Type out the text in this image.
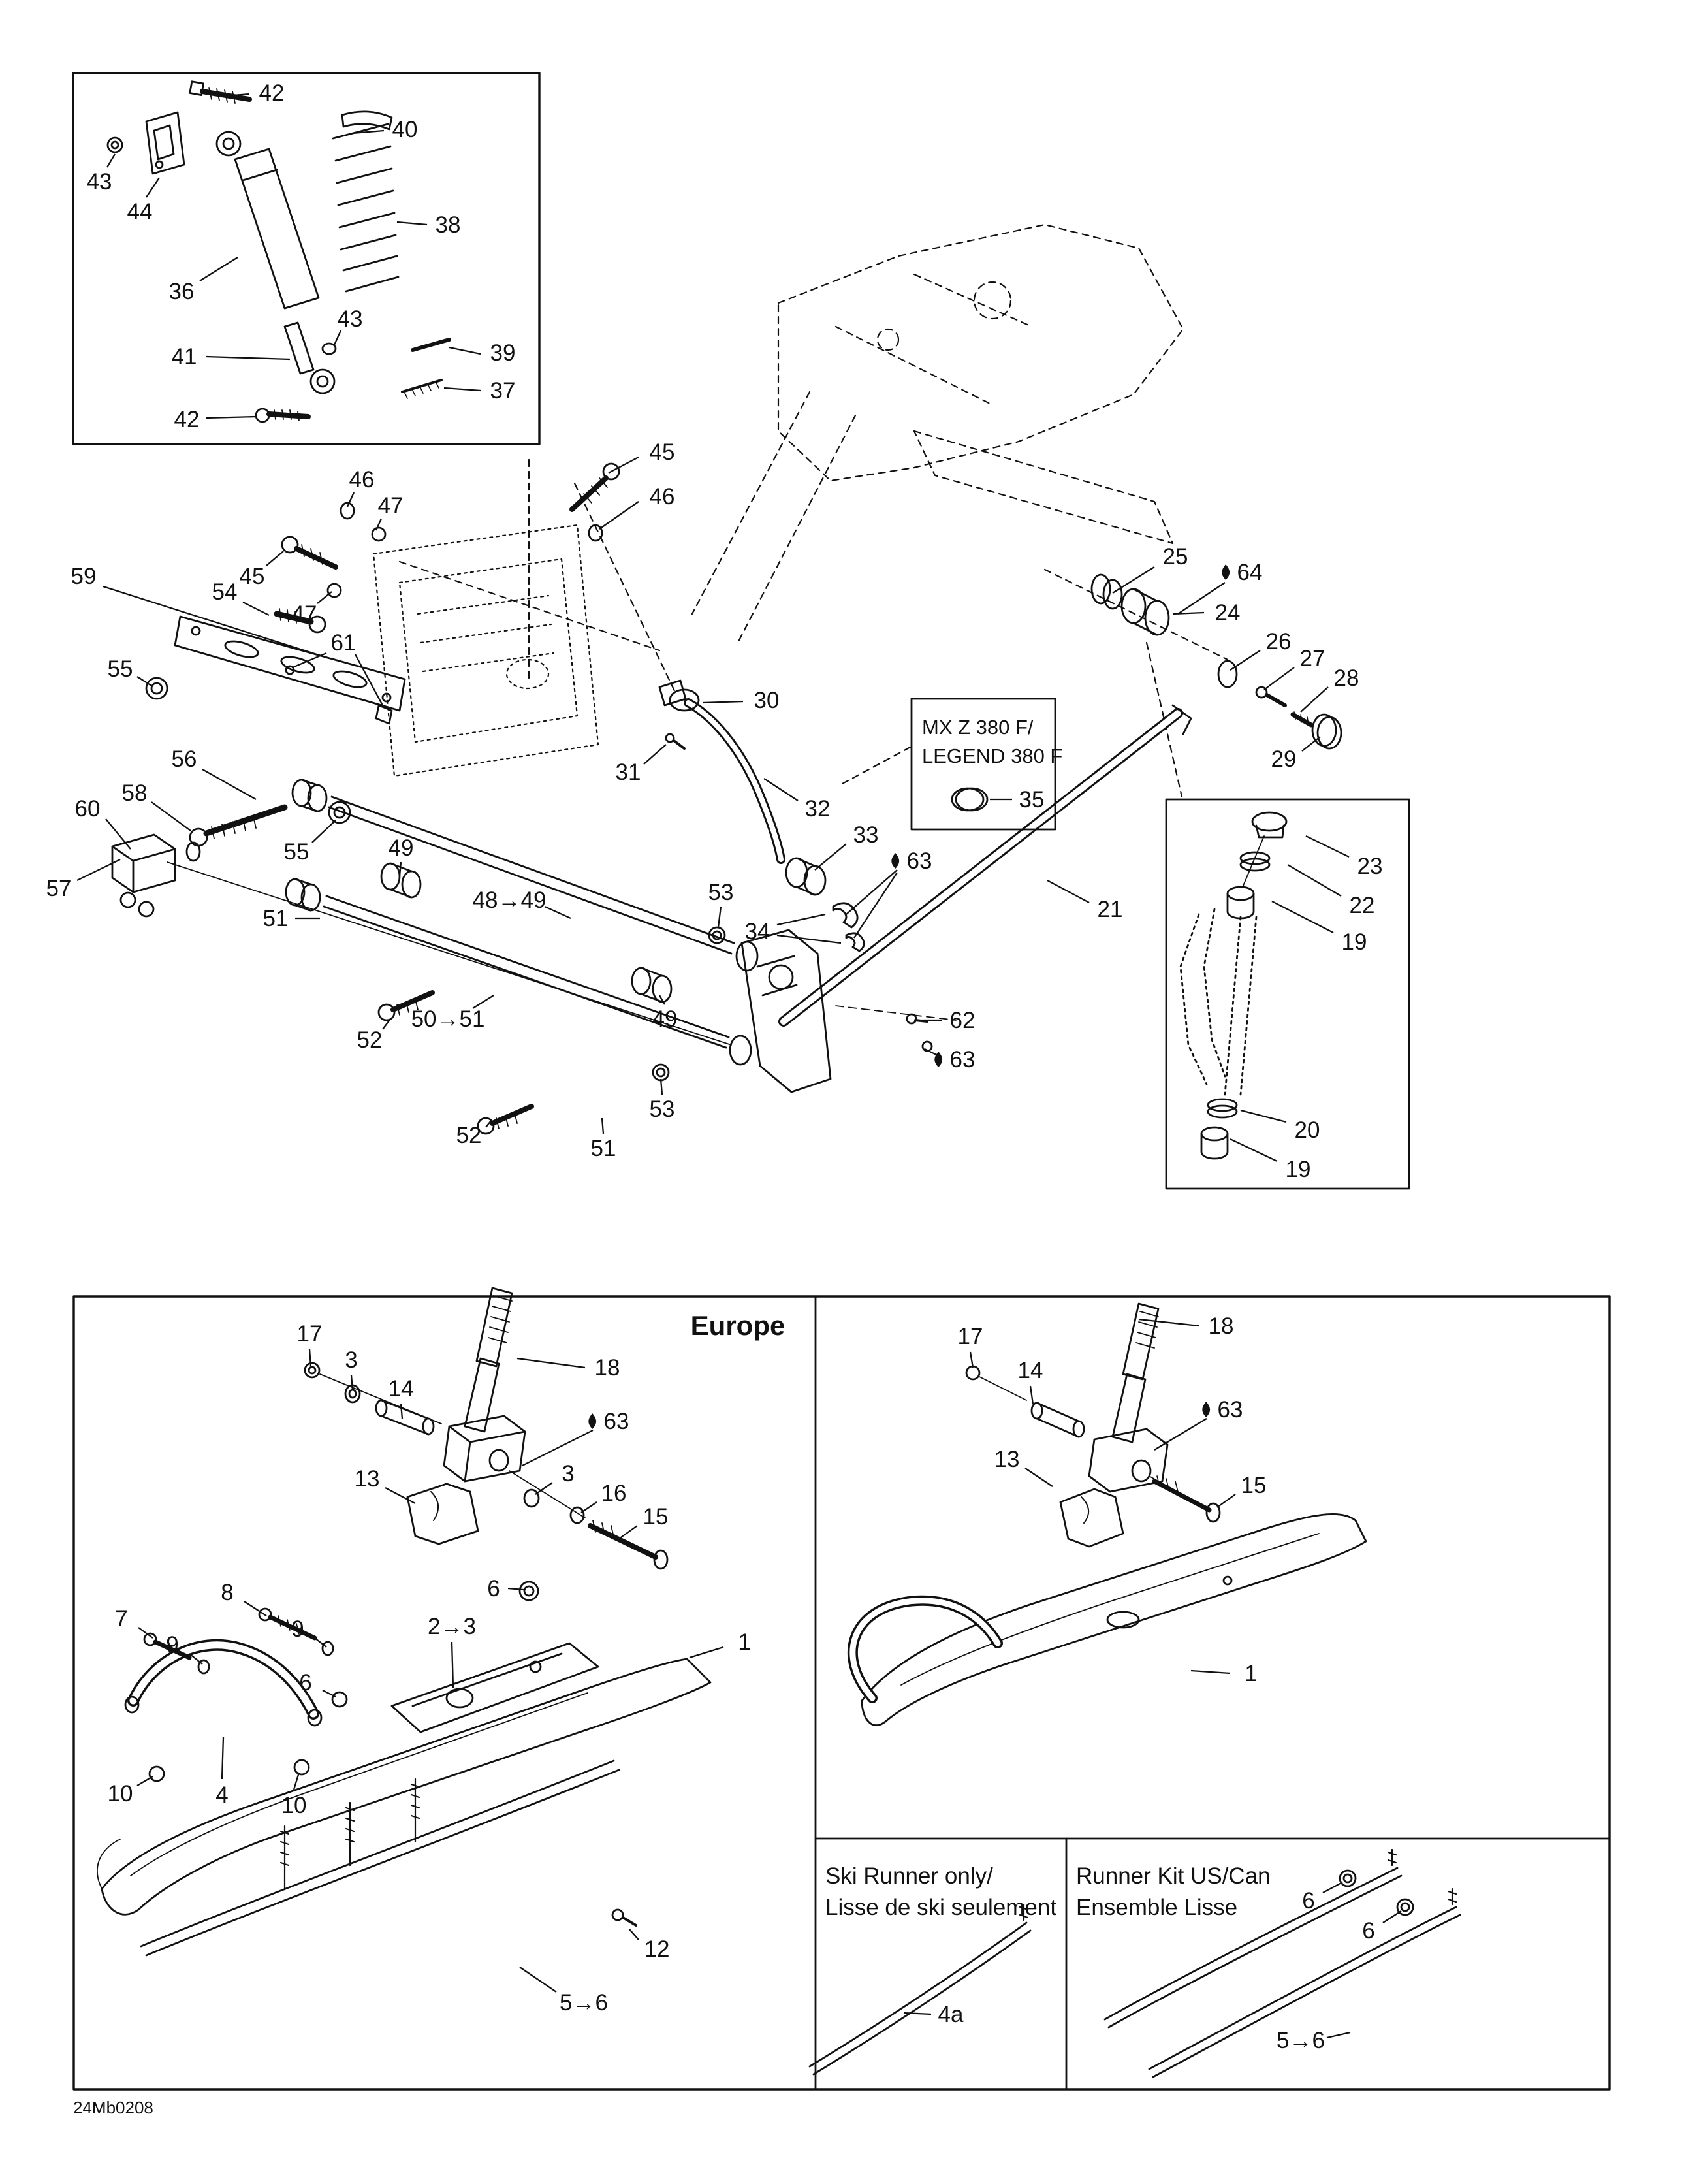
MX Z 380 F/
LEGEND 380 F
Europe
Ski Runner only/
Lisse de ski seulement
Runner Kit US/Can
Ensemble Lisse
24Mb0208
42
40
43
44
38
36
43
41	39
37
42
45
46
46
47
45
47
59
54
61
55
56
58
60
55
57
30
31
25
64
24
26
27
28
29
35
32
33
63	23
22
19
21
53
34
51
48→49
49
50→51
52
49	62
63
53
52
51
20
19
17
3
14
18
63
13	3
16
15
6
8
7
9
9	2→3
6
1
10	4	10
12
5→6
17
14
18
63
13
15
1
4a
6
6
5→6
